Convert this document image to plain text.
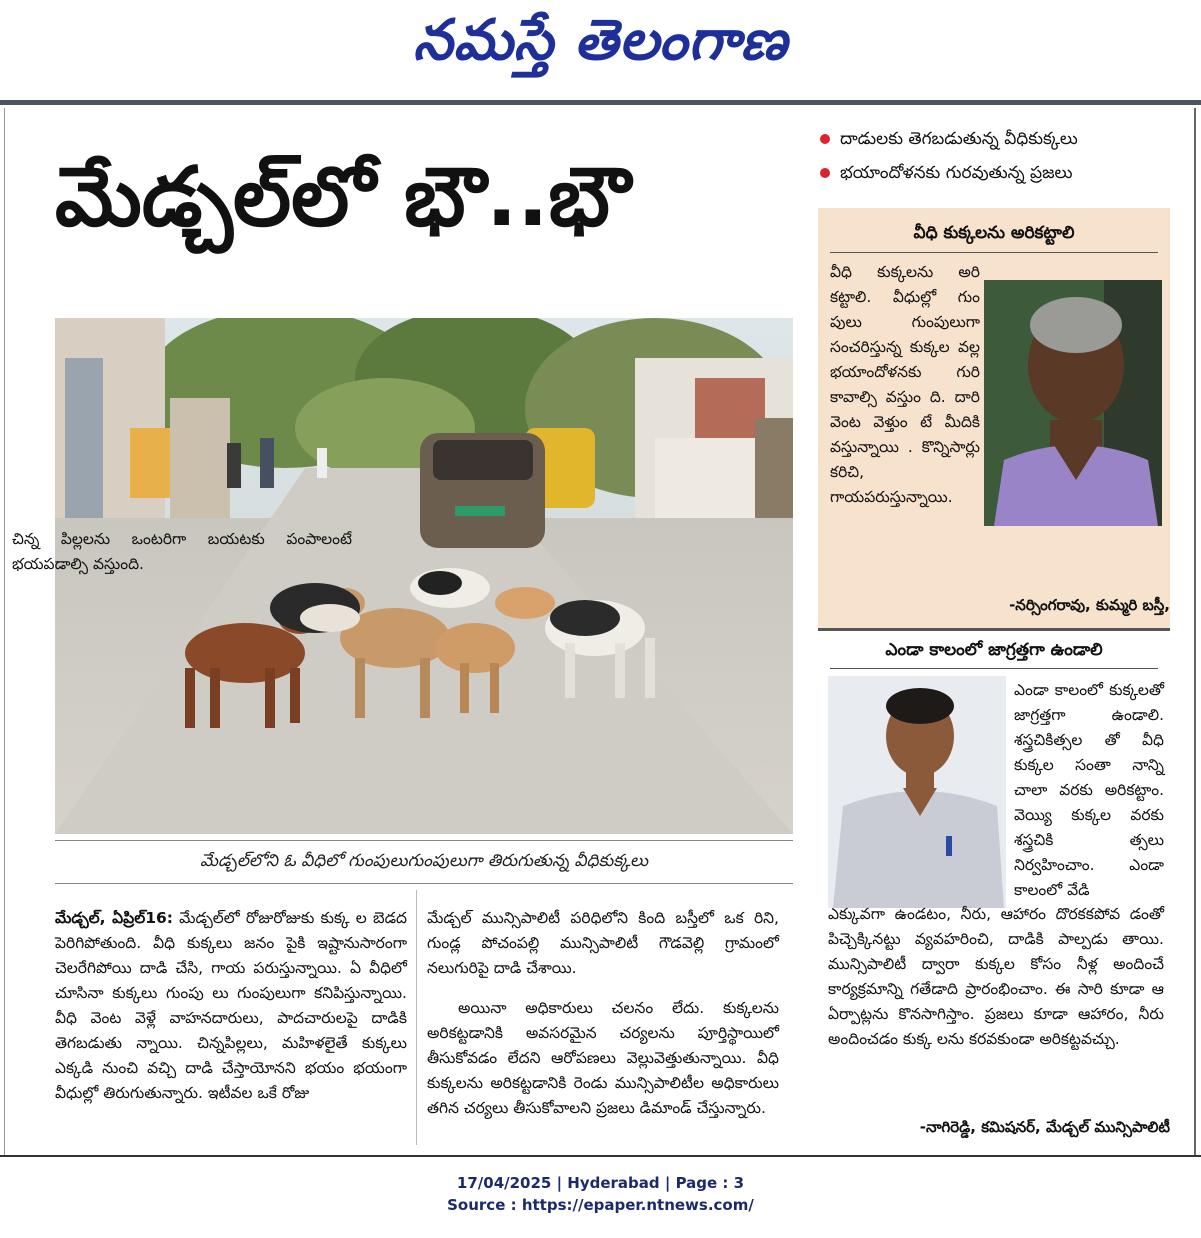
నమస్తే తెలంగాణ
మేడ్చల్‌లో భౌ..భౌ
దాడులకు తెగబడుతున్న వీధికుక్కలు
భయాందోళనకు గురవుతున్న ప్రజలు
మేడ్చల్‌లోని ఓ వీధిలో గుంపులుగుంపులుగా తిరుగుతున్న వీధికుక్కలు

మేడ్చల్‌, ఏప్రిల్‌16: మేడ్చల్‌లో రోజురోజుకు కుక్క ల బెడద పెరిగిపోతుంది. వీధి కుక్కలు జనం పైకి ఇష్టానుసారంగా చెలరేగిపోయి దాడి చేసి, గాయ పరుస్తున్నాయి. ఏ వీధిలో చూసినా కుక్కలు గుంపు లు గుంపులుగా కనిపిస్తున్నాయి. వీధి వెంట వెళ్లే వాహనదారులు, పాదచారులపై దాడికి తెగబడుతు న్నాయి. చిన్నపిల్లలు, మహిళలైతే కుక్కలు ఎక్కడి నుంచి వచ్చి దాడి చేస్తాయోనని భయం భయంగా వీధుల్లో తిరుగుతున్నారు. ఇటీవల ఒకే రోజు

మేడ్చల్‌ మున్సిపాలిటీ పరిధిలోని కింది బస్తీలో ఒక రిని, గుండ్ల పోచంపల్లి మున్సిపాలిటీ గౌడవెల్లి గ్రామంలో నలుగురిపై దాడి చేశాయి.

అయినా అధికారులు చలనం లేదు. కుక్కలను అరికట్టడానికి అవసరమైన చర్యలను పూర్తిస్థాయిలో తీసుకోవడం లేదని ఆరోపణలు వెల్లువెత్తుతున్నాయి. వీధి కుక్కలను అరికట్టడానికి రెండు మున్సిపాలిటీల అధికారులు తగిన చర్యలు తీసుకోవాలని ప్రజలు డిమాండ్‌ చేస్తున్నారు.

వీధి కుక్కలను అరికట్టాలి
వీధి కుక్కలను అరి కట్టాలి. వీధుల్లో గుం పులు గుంపులుగా సంచరిస్తున్న కుక్కల వల్ల భయాందోళనకు గురి కావాల్సి వస్తుం ది. దారి వెంట వెళ్తుం టే మీదికి వస్తున్నాయి . కొన్నిసార్లు కరిచి, గాయపరుస్తున్నాయి.
చిన్న పిల్లలను ఒంటరిగా బయటకు పంపాలంటే భయపడాల్సి వస్తుంది.
-నర్సింగరావు, కుమ్మరి బస్తీ,
ఎండా కాలంలో జాగ్రత్తగా ఉండాలి
ఎండా కాలంలో కుక్కలతో జాగ్రత్తగా ఉండాలి. శస్త్రచికిత్సల తో వీధి కుక్కల సంతా నాన్ని చాలా వరకు అరికట్టాం. వెయ్యి కుక్కల వరకు శస్త్రచికి త్సలు నిర్వహించాం. ఎండా కాలంలో వేడి
ఎక్కువగా ఉండటం, నీరు, ఆహారం దొరకకపోవ డంతో పిచ్చెక్కినట్టు వ్యవహరించి, దాడికి పాల్పడు తాయి. మున్సిపాలిటీ ద్వారా కుక్కల కోసం నీళ్ల అందించే కార్యక్రమాన్ని గతేడాది ప్రారంభించాం. ఈ సారి కూడా ఆ ఏర్పాట్లను కొనసాగిస్తాం. ప్రజలు కూడా ఆహారం, నీరు అందించడం కుక్క లను కరవకుండా అరికట్టవచ్చు.
-నాగిరెడ్డి, కమిషనర్‌, మేడ్చల్‌ మున్సిపాలిటీ
17/04/2025 | Hyderabad | Page : 3
Source : https://epaper.ntnews.com/
